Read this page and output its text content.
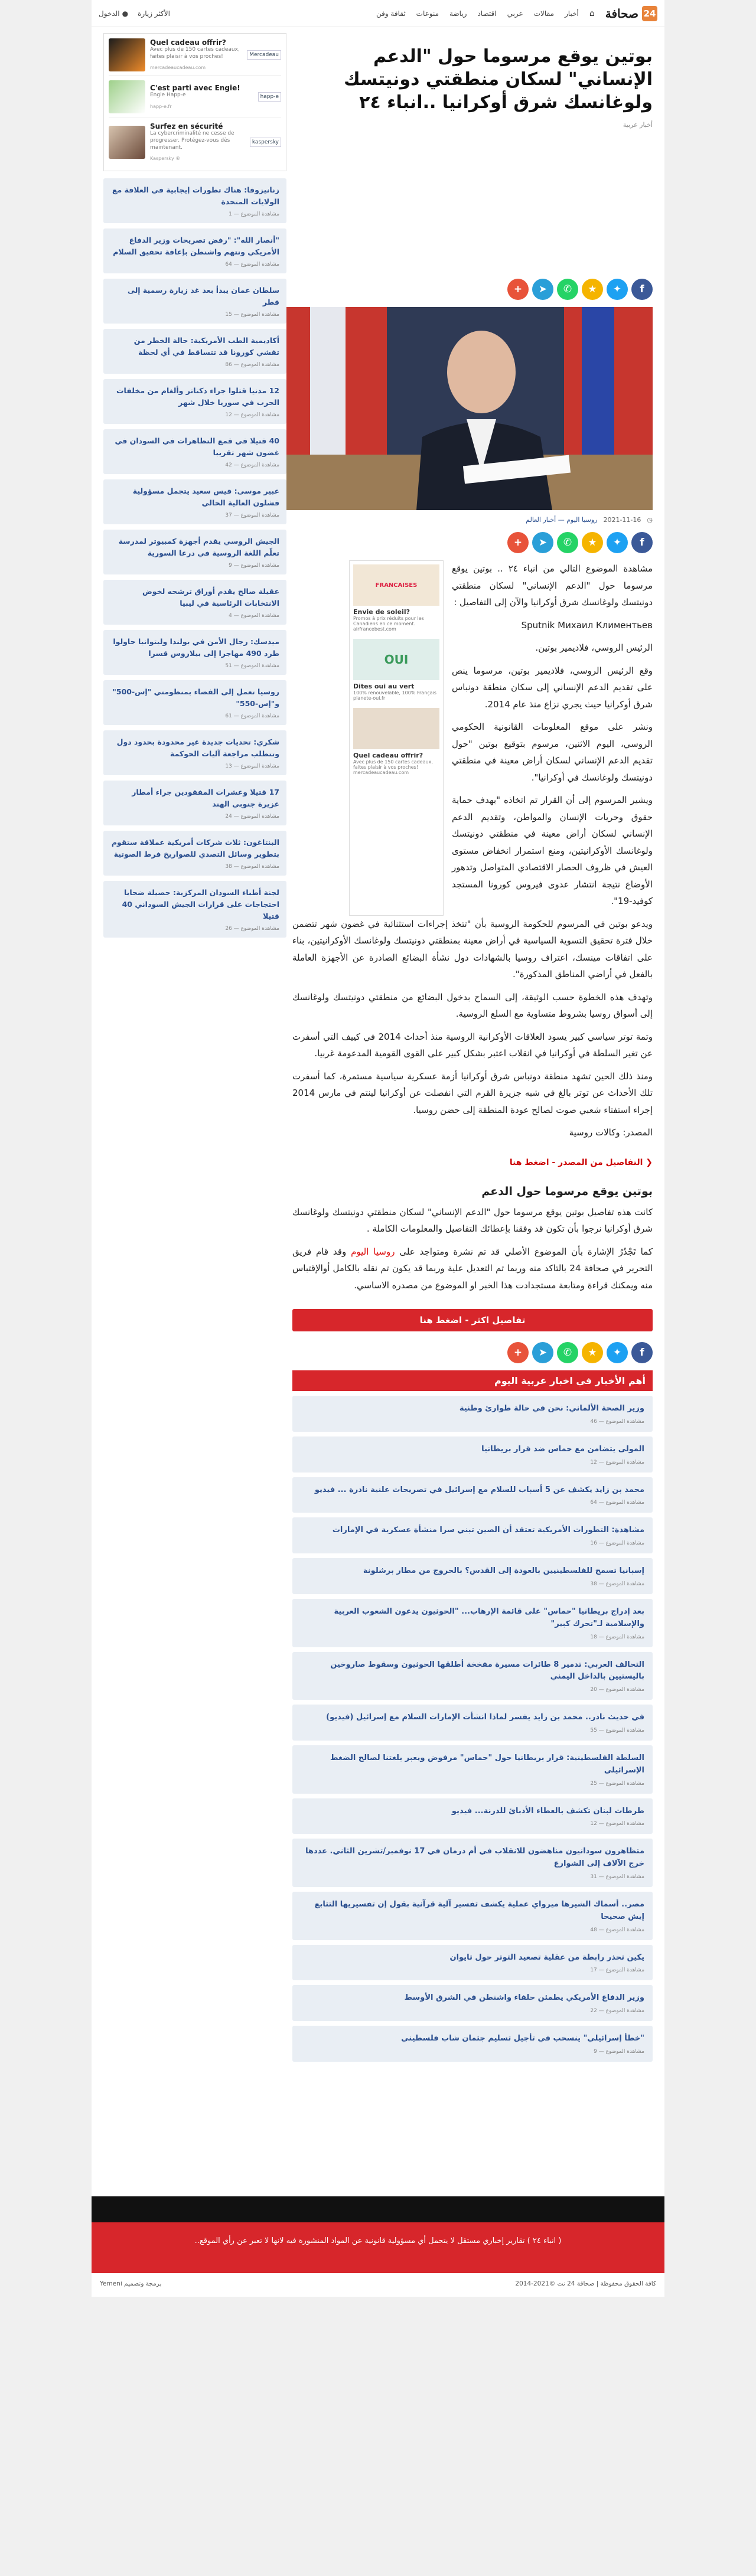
24
صحافة
⌂
أخبار
مقالات
عربي
اقتصاد
رياضة
منوعات
ثقافة وفن
الأكثر زيارة
●
الدخول
بوتين يوقع مرسوما حول "الدعم الإنساني" لسكان منطقتي دونيتسك ولوغانسك شرق أوكرانيا ..انباء ٢٤
أخبار عربية
f
✦
★
✆
➤
+
◷
2021-11-16
روسيا اليوم — أخبار العالم
f
✦
★
✆
➤
+

مشاهدة الموضوع التالي من انباء ٢٤ .. بوتين يوقع مرسوما حول "الدعم الإنساني" لسكان منطقتي دونيتسك ولوغانسك شرق أوكرانيا والآن إلى التفاصيل :

Sputnik Михаил Климентьев

الرئيس الروسي، فلاديمير بوتين.

وقع الرئيس الروسي، فلاديمير بوتين، مرسوما ينص على تقديم الدعم الإنساني إلى سكان منطقة دونباس شرق أوكرانيا حيث يجري نزاع منذ عام 2014.

ونشر على موقع المعلومات القانونية الحكومي الروسي، اليوم الاثنين، مرسوم بتوقيع بوتين "حول تقديم الدعم الإنساني لسكان أراض معينة في منطقتي دونيتسك ولوغانسك في أوكرانيا".

ويشير المرسوم إلى أن القرار تم اتخاذه "بهدف حماية حقوق وحريات الإنسان والمواطن، وتقديم الدعم الإنساني لسكان أراض معينة في منطقتي دونيتسك ولوغانسك الأوكرانيتين، ومنع استمرار انخفاض مستوى العيش في ظروف الحصار الاقتصادي المتواصل وتدهور الأوضاع نتيجة انتشار عدوى فيروس كورونا المستجد كوفيد-19".

FRANCAISES
Envie de soleil?
Promos à prix réduits pour les Canadiens en ce moment.
airfrancebest.com
OUI
Dites oui au vert
100% renouvelable, 100% Français
planete-oui.fr
Quel cadeau offrir?
Avec plus de 150 cartes cadeaux, faites plaisir à vos proches!
mercadeaucadeau.com

ويدعو بوتين في المرسوم للحكومة الروسية بأن "تتخذ إجراءات استثنائية في غضون شهر تتضمن خلال فترة تحقيق التسوية السياسية في أراض معينة بمنطقتي دونيتسك ولوغانسك الأوكرانيتين، بناء على اتفاقات مينسك، اعتراف روسيا بالشهادات دول نشأة البضائع الصادرة عن الأجهزة العاملة بالفعل في أراضي المناطق المذكورة".

وتهدف هذه الخطوة حسب الوثيقة، إلى السماح بدخول البضائع من منطقتي دونيتسك ولوغانسك إلى أسواق روسيا بشروط متساوية مع السلع الروسية.

وتمة توتر سياسي كبير يسود العلاقات الأوكرانية الروسية منذ أحداث 2014 في كييف التي أسفرت عن تغير السلطة في أوكرانيا في انقلاب اعتبر بشكل كبير على القوى القومية المدعومة غربيا.

ومنذ ذلك الحين تشهد منطقة دونباس شرق أوكرانيا أزمة عسكرية سياسية مستمرة، كما أسفرت تلك الأحداث عن توتر بالغ في شبه جزيرة القرم التي انفصلت عن أوكرانيا لينتم في مارس 2014 إجراء استفتاء شعبي صوت لصالح عودة المنطقة إلى حضن روسيا.

المصدر: وكالات روسية

❮ التفاصيل من المصدر - اضغط هنا
بوتين يوقع مرسوما حول الدعم

كانت هذه تفاصيل بوتين يوقع مرسوما حول "الدعم الإنساني" لسكان منطقتي دونيتسك ولوغانسك شرق أوكرانيا نرجوا بأن تكون قد وفقنا بإعطائك التفاصيل والمعلومات الكاملة .

كما تَجْدُرُ الإشارة بأن الموضوع الأصلي قد تم نشرة ومتواجد على روسيا اليوم وقد قام فريق التحرير في صحافة 24 بالتاكد منه وربما تم التعديل علية وربما قد يكون تم نقله بالكامل أوالإقتباس منه ويمكنك قراءة ومتابعة مستجدادت هذا الخبر او الموضوع من مصدره الاساسي.

تفاصيل اكثر - اضغط هنا
f
✦
★
✆
➤
+
أهم الأخبار في اخبار عربية اليوم
وزير الصحة الألماني: نحن في حالة طوارئ وطنية
مشاهدة الموضوع — 46
المولى يتضامن مع حماس ضد قرار بريطانيا
مشاهدة الموضوع — 12
محمد بن زايد يكشف عن 5 أسباب للسلام مع إسرائيل في تصريحات علنية نادرة ... فيديو
مشاهدة الموضوع — 64
مشاهدة: التطورات الأمريكية تعتقد أن الصين تبني سرا منشأة عسكرية في الإمارات
مشاهدة الموضوع — 16
إسبانيا تسمح للفلسطينيين بالعودة إلى القدس؟ بالخروج من مطار برشلونة
مشاهدة الموضوع — 38
بعد إدراج بريطانيا "حماس" على قائمة الإرهاب... "الحوثيون يدعون الشعوب العربية والإسلامية لـ"تحرك كبير"
مشاهدة الموضوع — 18
التحالف العربي: تدمير 8 طائرات مسيرة مفخخة أطلقها الحوثيون وسقوط صاروخين باليستيين بالداخل اليمني
مشاهدة الموضوع — 20
في حديث نادر.. محمد بن زايد يفسر لماذا انشأت الإمارات السلام مع إسرائيل (فيديو)
مشاهدة الموضوع — 55
السلطة الفلسطينية: قرار بريطانيا حول "حماس" مرفوض ويعبر بلغتنا لصالح الضغط الإسرائيلي
مشاهدة الموضوع — 25
طرطات لبنان تكشف بالعطاء الأدبائ للدرنة... فيديو
مشاهدة الموضوع — 12
متظاهرون سودانيون مناهضون للانقلاب في أم درمان في 17 نوفمبر/تشرين الثاني. عددها خرج الآلاف إلى الشوارع
مشاهدة الموضوع — 31
مصر.. أسماك الشيرها ميرواي عملية يكشف تفسير آلية قرآنية بقول إن تفسيريها التتابع إيش صحيحا
مشاهدة الموضوع — 48
يكين تحذر رابطة من عقلية تصعيد التوتر حول تايوان
مشاهدة الموضوع — 17
وزير الدفاع الأمريكي يطمئن حلفاء واشنطن في الشرق الأوسط
مشاهدة الموضوع — 22
"خطأ إسرائيلي" ينسحب في تأجيل تسليم جثمان شاب فلسطيني
مشاهدة الموضوع — 9
Quel cadeau offrir?

Avec plus de 150 cartes cadeaux, faites plaisir à vos proches!

mercadeaucadeau.com
Mercadeau
C'est parti avec Engie!

Engie Happ-e

happ-e.fr
happ-e
Surfez en sécurité

La cybercriminalité ne cesse de progresser. Protégez-vous dès maintenant.

Kaspersky ®
kaspersky
زنانيزوقا: هناك تطورات إيجابية في العلاقة مع الولايات المتحدة
مشاهدة الموضوع — 1
"أنصار الله": "رفض تصريحات وزير الدفاع الأمريكي ونتهم واشنطن بإعاقة تحقيق السلام
مشاهدة الموضوع — 64
سلطان عمان يبدأ بعد غد زيارة رسمية إلى قطر
مشاهدة الموضوع — 15
أكاديمية الطب الأمريكية: حالة الخطر من تفشي كورونا قد تتساقط في أي لحظة
مشاهدة الموضوع — 86
12 مدنيا قتلوا جراء دكتاتر وألغام من مخلفات الحرب في سوريا خلال شهر
مشاهدة الموضوع — 12
40 قتيلا في قمع التظاهرات في السودان في غضون شهر تقريبا
مشاهدة الموضوع — 42
عبير موسى: قيس سعيد يتجمل مسؤولية فشلون العالية الحالي
مشاهدة الموضوع — 37
الجيش الروسي يقدم أجهزة كمبيوتر لمدرسة تعلّم اللغة الروسية في درعا السورية
مشاهدة الموضوع — 9
عقيلة صالح يقدم أوراق ترشحه لخوض الانتخابات الرئاسية في ليبيا
مشاهدة الموضوع — 4
ميدسك: رجال الأمن في بولندا وليتوانيا حاولوا طرد 490 مهاجرا إلى بيلاروس قسرا
مشاهدة الموضوع — 51
روسيا تعمل إلى الفضاء بمنظومتي "إس-500" و"إس-550"
مشاهدة الموضوع — 61
شكري: تحديات جديدة غير محدودة بحدود دول وتتطلب مراجعة آليات الحوكمة
مشاهدة الموضوع — 13
17 قتيلا وعشرات المفقودين جراء أمطار غزيرة جنوبي الهند
مشاهدة الموضوع — 24
البنتاغون: ثلاث شركات أمريكية عملاقة ستقوم بتطوير وسائل التصدي للصواريخ فرط الصوتية
مشاهدة الموضوع — 38
لجنة أطباء السودان المركزية: حصيلة ضحايا احتجاجات على قرارات الجيش السوداني 40 قتيلا
مشاهدة الموضوع — 26
( انباء ٢٤ ) تقارير إخباري مستقل لا يتحمل أي مسؤولية قانونية عن المواد المنشورة فيه لانها لا تعبر عن رأي الموقع..
كافة الحقوق محفوظة | صحافة 24 نت ©2021-2014
برمجة وتصميم Yemeni
